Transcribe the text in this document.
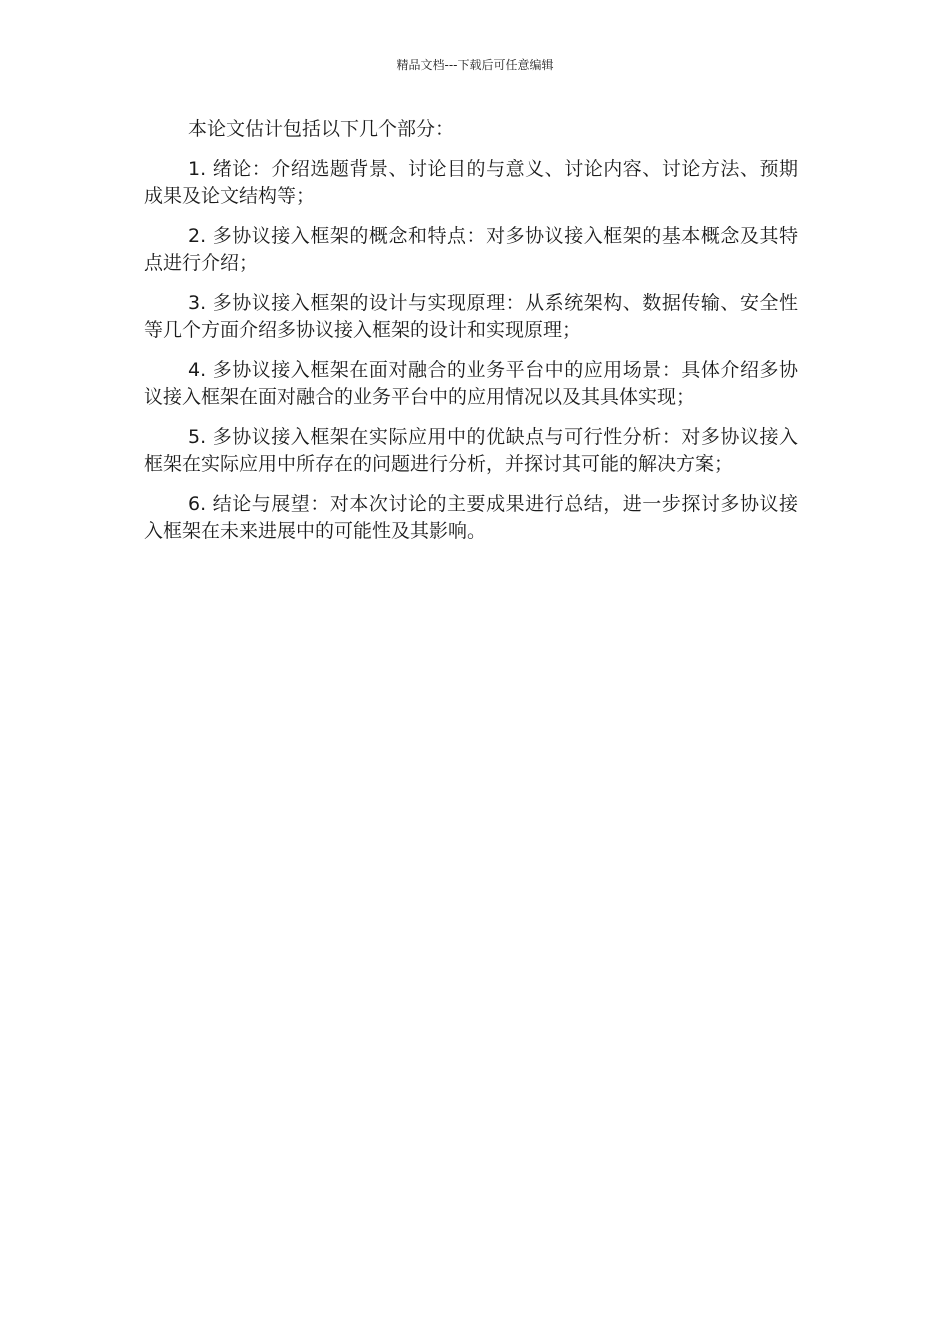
精品文档---下载后可任意编辑

本论文估计包括以下几个部分：

1. 绪论：介绍选题背景、讨论目的与意义、讨论内容、讨论方法、预期成果及论文结构等；

2. 多协议接入框架的概念和特点：对多协议接入框架的基本概念及其特点进行介绍；

3. 多协议接入框架的设计与实现原理：从系统架构、数据传输、安全性等几个方面介绍多协议接入框架的设计和实现原理；

4. 多协议接入框架在面对融合的业务平台中的应用场景：具体介绍多协议接入框架在面对融合的业务平台中的应用情况以及其具体实现；

5. 多协议接入框架在实际应用中的优缺点与可行性分析：对多协议接入框架在实际应用中所存在的问题进行分析，并探讨其可能的解决方案；

6. 结论与展望：对本次讨论的主要成果进行总结，进一步探讨多协议接入框架在未来进展中的可能性及其影响。
